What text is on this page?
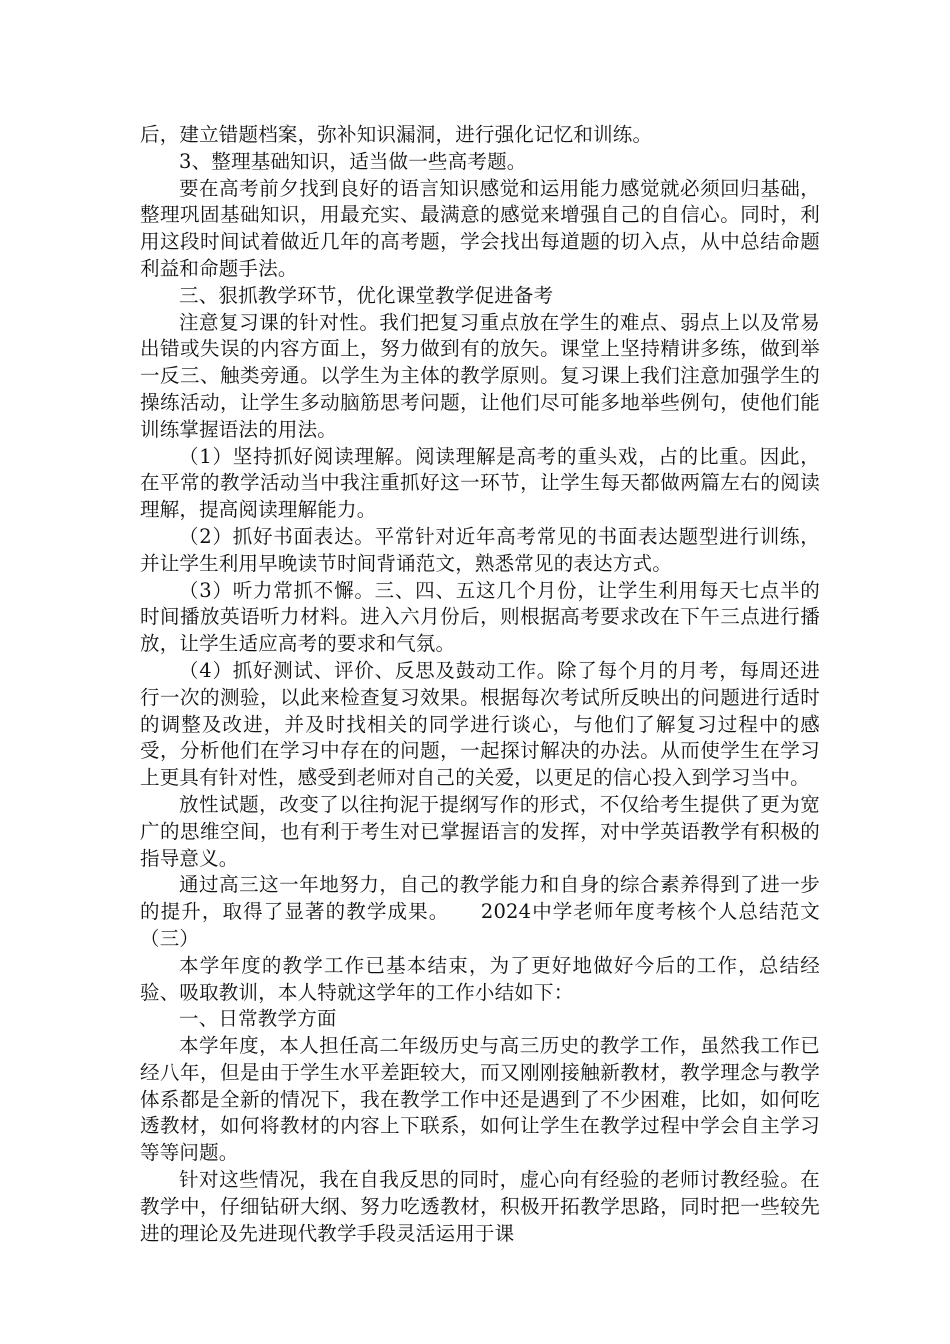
后，建立错题档案，弥补知识漏洞，进行强化记忆和训练。

3、整理基础知识，适当做一些高考题。

要在高考前夕找到良好的语言知识感觉和运用能力感觉就必须回归基础，整理巩固基础知识，用最充实、最满意的感觉来增强自己的自信心。同时，利用这段时间试着做近几年的高考题，学会找出每道题的切入点，从中总结命题利益和命题手法。

三、狠抓教学环节，优化课堂教学促进备考

注意复习课的针对性。我们把复习重点放在学生的难点、弱点上以及常易出错或失误的内容方面上，努力做到有的放矢。课堂上坚持精讲多练，做到举一反三、触类旁通。以学生为主体的教学原则。复习课上我们注意加强学生的操练活动，让学生多动脑筋思考问题，让他们尽可能多地举些例句，使他们能训练掌握语法的用法。

（1）坚持抓好阅读理解。阅读理解是高考的重头戏，占的比重。因此，在平常的教学活动当中我注重抓好这一环节，让学生每天都做两篇左右的阅读理解，提高阅读理解能力。

（2）抓好书面表达。平常针对近年高考常见的书面表达题型进行训练，并让学生利用早晚读节时间背诵范文，熟悉常见的表达方式。

（3）听力常抓不懈。三、四、五这几个月份，让学生利用每天七点半的时间播放英语听力材料。进入六月份后，则根据高考要求改在下午三点进行播放，让学生适应高考的要求和气氛。

（4）抓好测试、评价、反思及鼓动工作。除了每个月的月考，每周还进行一次的测验，以此来检查复习效果。根据每次考试所反映出的问题进行适时的调整及改进，并及时找相关的同学进行谈心，与他们了解复习过程中的感受，分析他们在学习中存在的问题，一起探讨解决的办法。从而使学生在学习上更具有针对性，感受到老师对自己的关爱，以更足的信心投入到学习当中。

放性试题，改变了以往拘泥于提纲写作的形式，不仅给考生提供了更为宽广的思维空间，也有利于考生对已掌握语言的发挥，对中学英语教学有积极的指导意义。

通过高三这一年地努力，自己的教学能力和自身的综合素养得到了进一步的提升，取得了显著的教学成果。　　2024中学老师年度考核个人总结范文（三）

本学年度的教学工作已基本结束，为了更好地做好今后的工作，总结经验、吸取教训，本人特就这学年的工作小结如下：

一、日常教学方面

本学年度，本人担任高二年级历史与高三历史的教学工作，虽然我工作已经八年，但是由于学生水平差距较大，而又刚刚接触新教材，教学理念与教学体系都是全新的情况下，我在教学工作中还是遇到了不少困难，比如，如何吃透教材，如何将教材的内容上下联系，如何让学生在教学过程中学会自主学习等等问题。

针对这些情况，我在自我反思的同时，虚心向有经验的老师讨教经验。在教学中，仔细钻研大纲、努力吃透教材，积极开拓教学思路，同时把一些较先进的理论及先进现代教学手段灵活运用于课
